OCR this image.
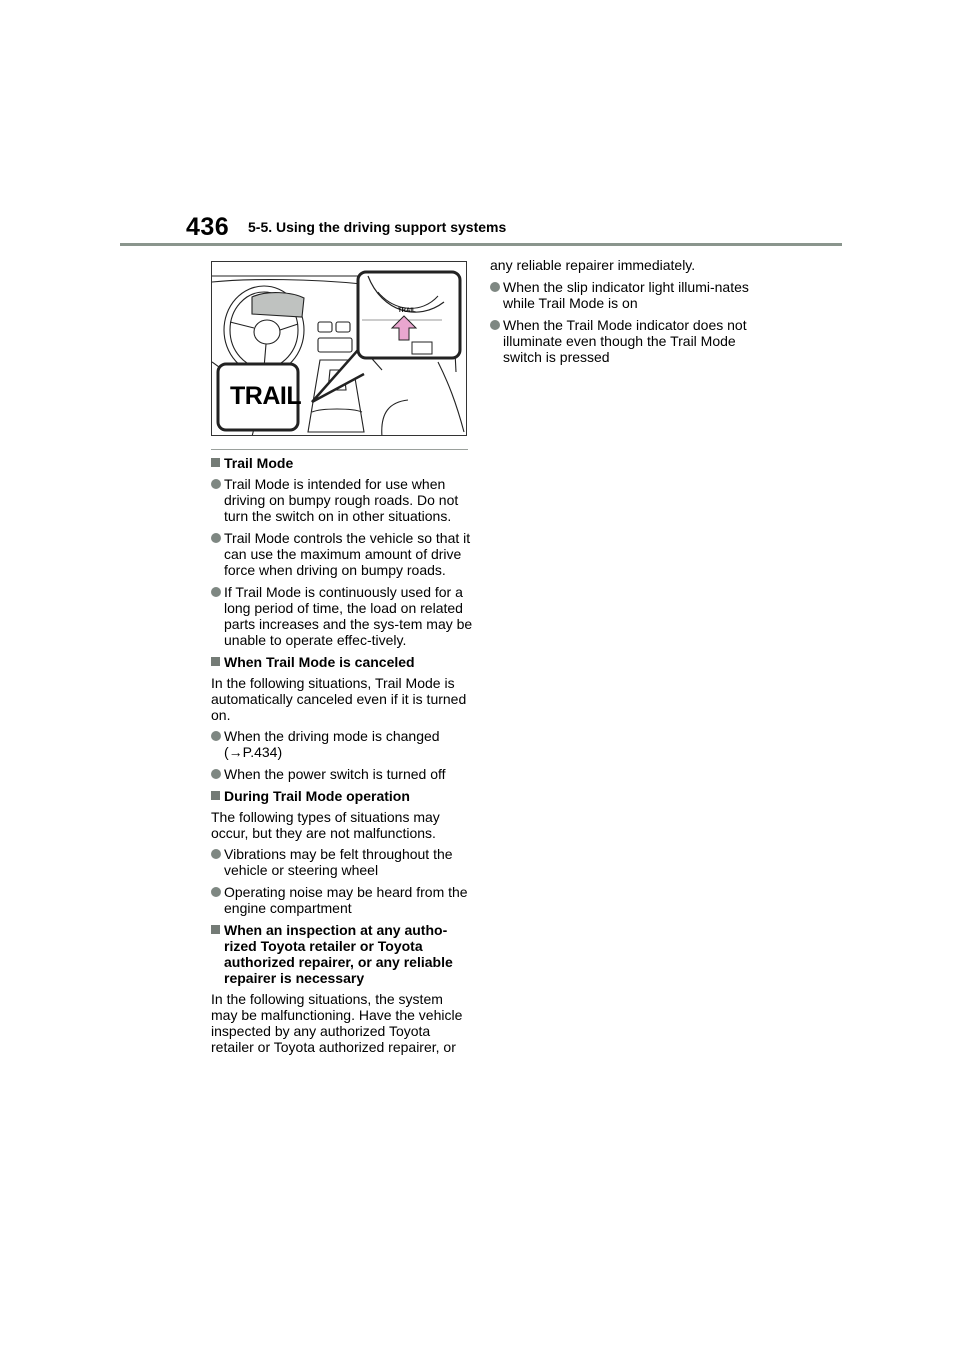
436 5-5. Using the driving support systems
TRAIL
TRAIL
Trail Mode
Trail Mode is intended for use when driving on bumpy rough roads. Do not turn the switch on in other situations.
Trail Mode controls the vehicle so that it can use the maximum amount of drive force when driving on bumpy roads.
If Trail Mode is continuously used for a long period of time, the load on related parts increases and the sys-tem may be unable to operate effec-tively.
When Trail Mode is canceled
In the following situations, Trail Mode is automatically canceled even if it is turned on.
When the driving mode is changed (→P.434)
When the power switch is turned off
During Trail Mode operation
The following types of situations may occur, but they are not malfunctions.
Vibrations may be felt throughout the vehicle or steering wheel
Operating noise may be heard from the engine compartment
When an inspection at any autho-rized Toyota retailer or Toyota authorized repairer, or any reliable repairer is necessary
In the following situations, the system may be malfunctioning. Have the vehicle inspected by any authorized Toyota retailer or Toyota authorized repairer, or
any reliable repairer immediately.
When the slip indicator light illumi-nates while Trail Mode is on
When the Trail Mode indicator does not illuminate even though the Trail Mode switch is pressed
